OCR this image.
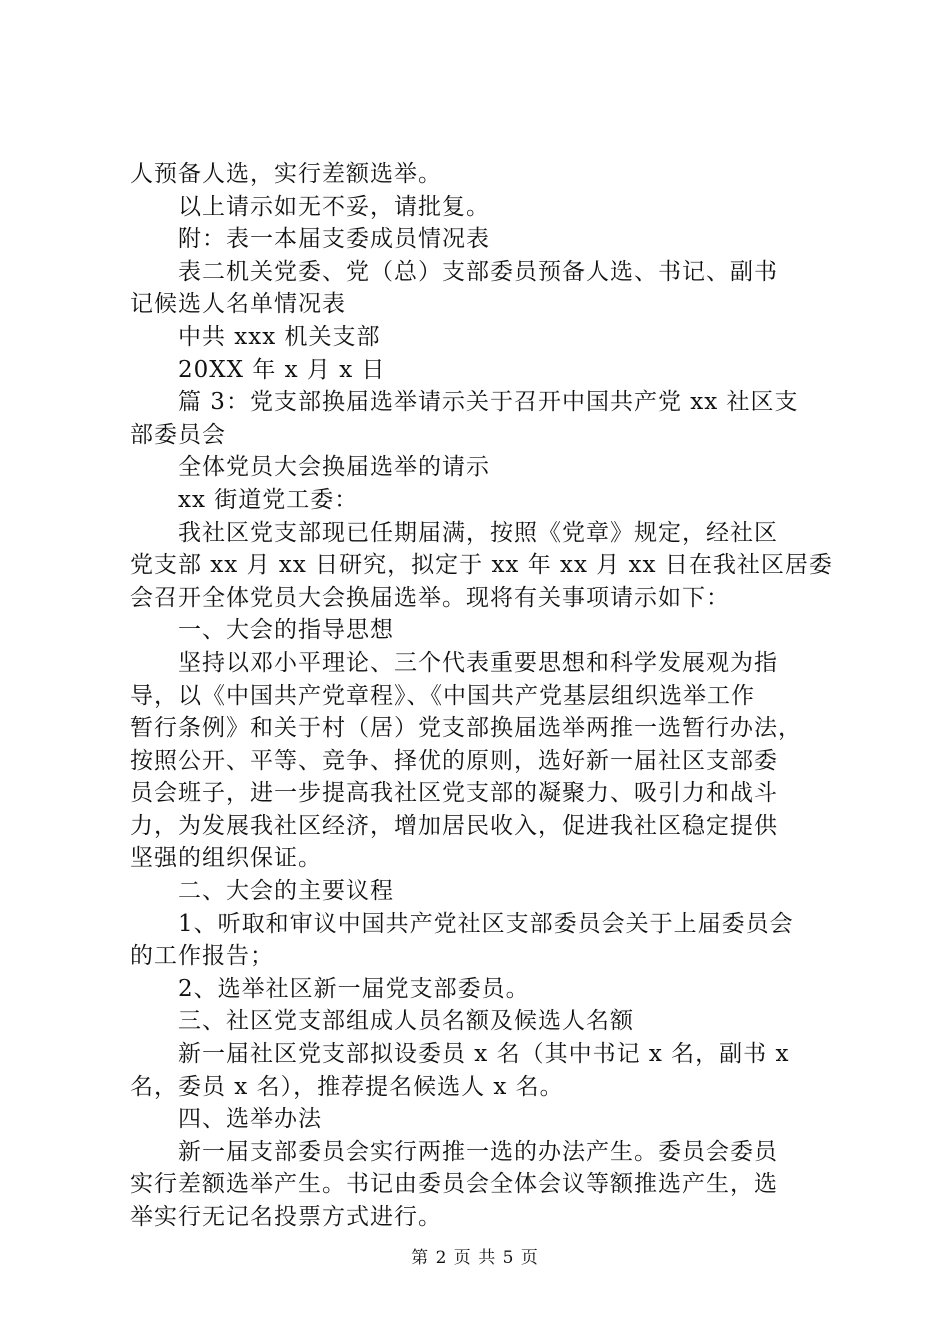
人预备人选，实行差额选举。
以上请示如无不妥，请批复。
附：表一本届支委成员情况表
表二机关党委、党（总）支部委员预备人选、书记、副书
记候选人名单情况表
中共 xxx 机关支部
20XX 年 x 月 x 日
篇 3：党支部换届选举请示关于召开中国共产党 xx 社区支
部委员会
全体党员大会换届选举的请示
xx 街道党工委：
我社区党支部现已任期届满，按照《党章》规定，经社区
党支部 xx 月 xx 日研究，拟定于 xx 年 xx 月 xx 日在我社区居委
会召开全体党员大会换届选举。现将有关事项请示如下：
一、大会的指导思想
坚持以邓小平理论、三个代表重要思想和科学发展观为指
导，以《中国共产党章程》、《中国共产党基层组织选举工作
暂行条例》和关于村（居）党支部换届选举两推一选暂行办法，
按照公开、平等、竞争、择优的原则，选好新一届社区支部委
员会班子，进一步提高我社区党支部的凝聚力、吸引力和战斗
力，为发展我社区经济，增加居民收入，促进我社区稳定提供
坚强的组织保证。
二、大会的主要议程
1、听取和审议中国共产党社区支部委员会关于上届委员会
的工作报告；
2、选举社区新一届党支部委员。
三、社区党支部组成人员名额及候选人名额
新一届社区党支部拟设委员 x 名（其中书记 x 名，副书 x
名，委员 x 名），推荐提名候选人 x 名。
四、选举办法
新一届支部委员会实行两推一选的办法产生。委员会委员
实行差额选举产生。书记由委员会全体会议等额推选产生，选
举实行无记名投票方式进行。
第 2 页 共 5 页
